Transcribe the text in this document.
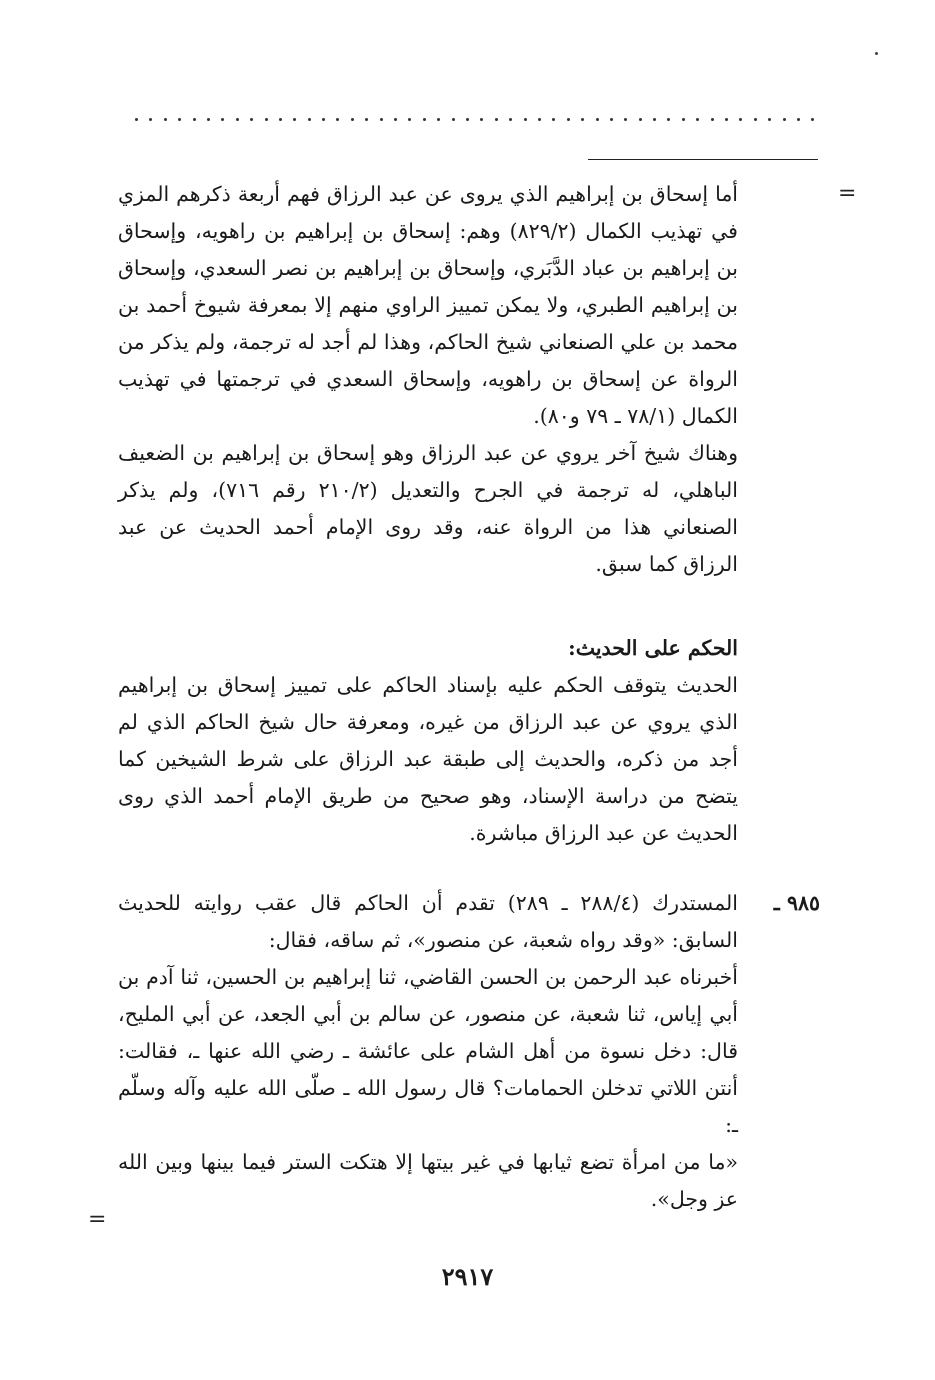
=

أما إسحاق بن إبراهيم الذي يروى عن عبد الرزاق فهم أربعة ذكرهم المزي في تهذيب الكمال (٨٢٩/٢) وهم: إسحاق بن إبراهيم بن راهويه، وإسحاق بن إبراهيم بن عباد الدَّبَري، وإسحاق بن إبراهيم بن نصر السعدي، وإسحاق بن إبراهيم الطبري، ولا يمكن تمييز الراوي منهم إلا بمعرفة شيوخ أحمد بن محمد بن علي الصنعاني شيخ الحاكم، وهذا لم أجد له ترجمة، ولم يذكر من الرواة عن إسحاق بن راهويه، وإسحاق السعدي في ترجمتها في تهذيب الكمال (٧٨/١ ـ ٧٩ و٨٠).

وهناك شيخ آخر يروي عن عبد الرزاق وهو إسحاق بن إبراهيم بن الضعيف الباهلي، له ترجمة في الجرح والتعديل (٢١٠/٢ رقم ٧١٦)، ولم يذكر الصنعاني هذا من الرواة عنه، وقد روى الإمام أحمد الحديث عن عبد الرزاق كما سبق.

الحكم على الحديث:

الحديث يتوقف الحكم عليه بإسناد الحاكم على تمييز إسحاق بن إبراهيم الذي يروي عن عبد الرزاق من غيره، ومعرفة حال شيخ الحاكم الذي لم أجد من ذكره، والحديث إلى طبقة عبد الرزاق على شرط الشيخين كما يتضح من دراسة الإسناد، وهو صحيح من طريق الإمام أحمد الذي روى الحديث عن عبد الرزاق مباشرة.

٩٨٥ ـ

المستدرك (٢٨٨/٤ ـ ٢٨٩) تقدم أن الحاكم قال عقب روايته للحديث السابق: «وقد رواه شعبة، عن منصور»، ثم ساقه، فقال:

أخبرناه عبد الرحمن بن الحسن القاضي، ثنا إبراهيم بن الحسين، ثنا آدم بن أبي إياس، ثنا شعبة، عن منصور، عن سالم بن أبي الجعد، عن أبي المليح، قال: دخل نسوة من أهل الشام على عائشة ـ رضي الله عنها ـ، فقالت: أنتن اللاتي تدخلن الحمامات؟ قال رسول الله ـ صلّى الله عليه وآله وسلّم ـ:

«ما من امرأة تضع ثيابها في غير بيتها إلا هتكت الستر فيما بينها وبين الله عز وجل».

=
٢٩١٧
